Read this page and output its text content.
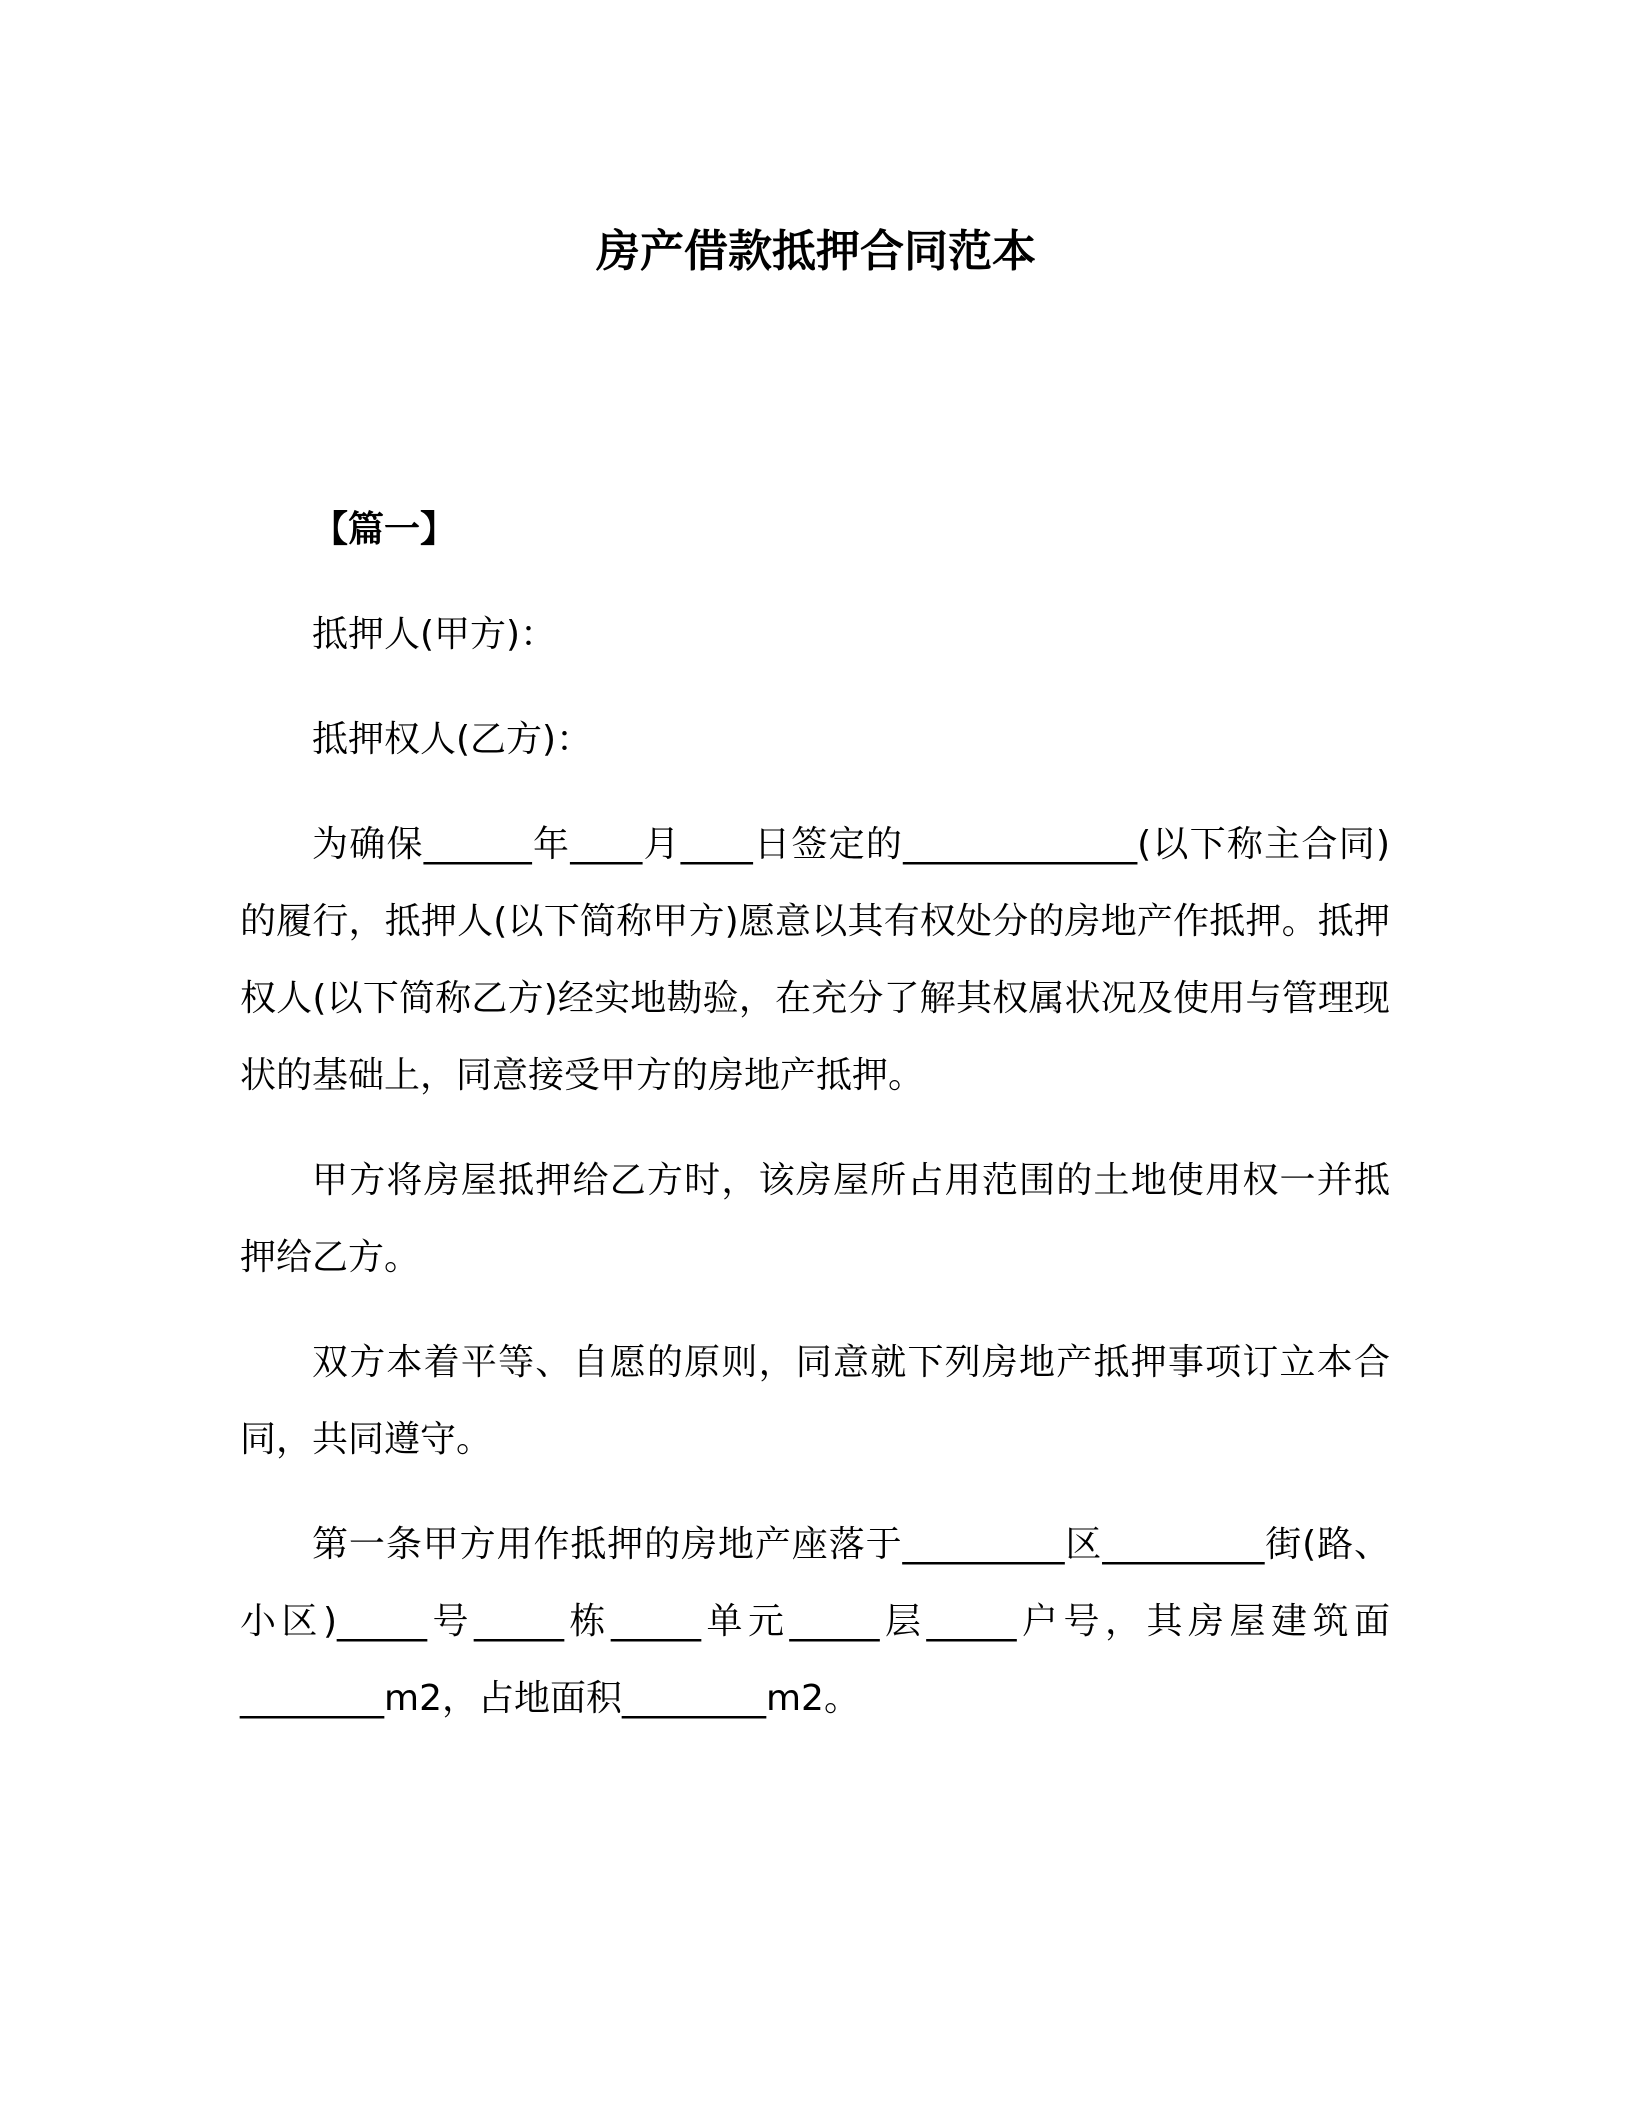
房产借款抵押合同范本

【篇一】

抵押人(甲方)：

抵押权人(乙方)：

为确保______年____月____日签定的_____________(以下称主合同)的履行，抵押人(以下简称甲方)愿意以其有权处分的房地产作抵押。抵押权人(以下简称乙方)经实地勘验，在充分了解其权属状况及使用与管理现状的基础上，同意接受甲方的房地产抵押。

甲方将房屋抵押给乙方时，该房屋所占用范围的土地使用权一并抵押给乙方。

双方本着平等、自愿的原则，同意就下列房地产抵押事项订立本合同，共同遵守。

第一条甲方用作抵押的房地产座落于_________区_________街(路、小区)_____号_____栋_____单元_____层_____户号，其房屋建筑面________m2，占地面积________m2。
